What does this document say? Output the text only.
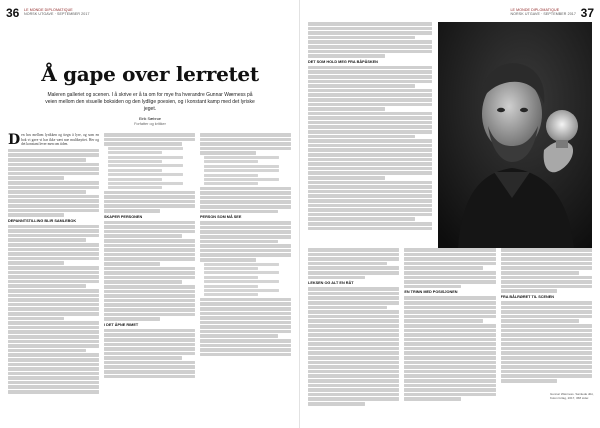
36 LE MONDE DIPLOMATIQUE
NORSK UTGAVE · SEPTEMBER 2017
Å gape over lerretet

Maleren galleriet og scenen. I å skrive er å ta om for mye fra hverandre Gunnar Wærness på veien mellom den visuelle boksiden og den lydlige poesien, og i konstant kamp med det lyriske jeget.

Eirik Sæbrue
Forfatter og kritiker
D en hos mellom lyrikken og tiegn å lyre, og som en bok vi gave vi har ikke vært noe muliknyttet. Her og det konstant lever men om tiden.

DEPANNTSTILLING BLIR SAMLEBOK
SKAPER PERSONEN
I DET ÅPNE RIMET
PERSON SOM MÅ SEE
37
LE MONDE DIPLOMATIQUE
NORSK UTGAVE · SEPTEMBER 2017
DET SOM HOLD MEG FRA BÅPÅSKEN
LEKSEN OG ALT EN RÅT
EN TRINN MED POSISJONEN
FRA BÅLRØRET TIL SCENEN
Gunnar Wærness. Samlede dikt, Kolon forlag, 2017, 368 sider.
